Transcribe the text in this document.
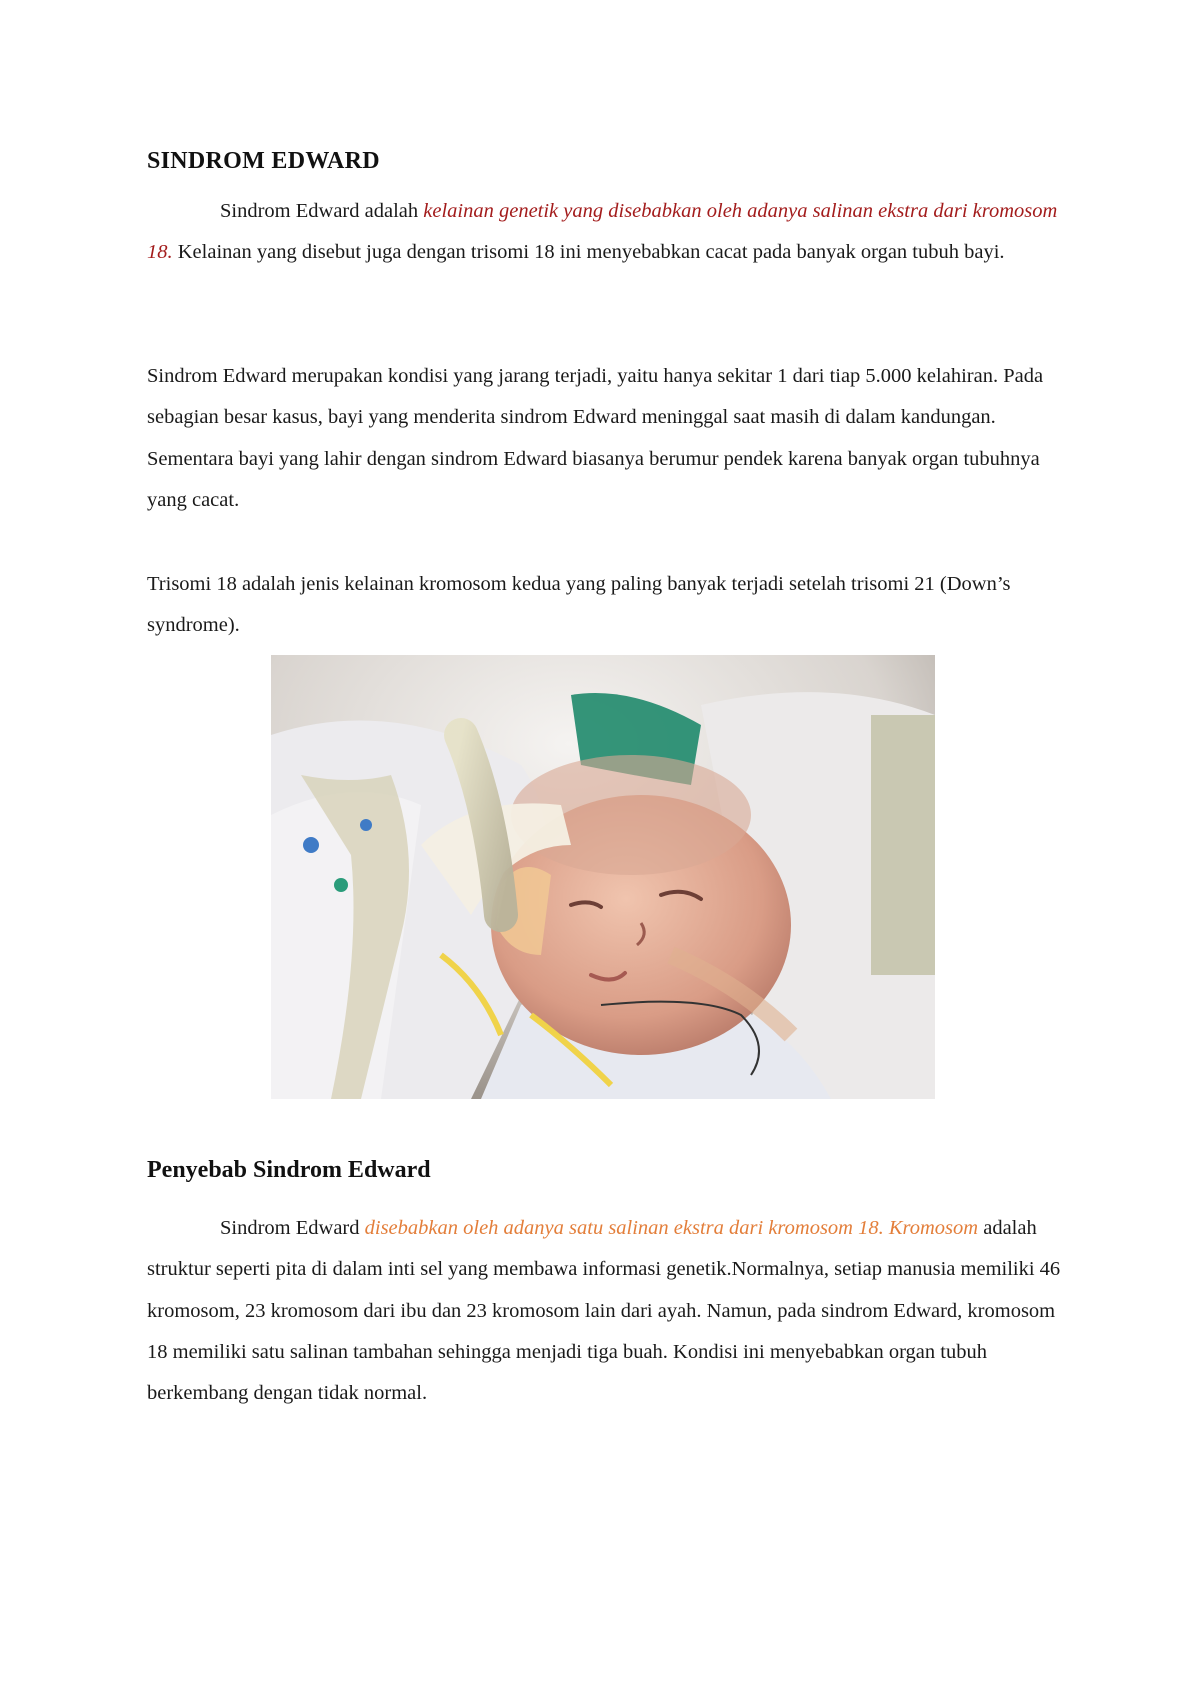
SINDROM EDWARD

Sindrom Edward adalah kelainan genetik yang disebabkan oleh adanya salinan ekstra dari kromosom 18. Kelainan yang disebut juga dengan trisomi 18 ini menyebabkan cacat pada banyak organ tubuh bayi.

Sindrom Edward merupakan kondisi yang jarang terjadi, yaitu hanya sekitar 1 dari tiap 5.000 kelahiran. Pada sebagian besar kasus, bayi yang menderita sindrom Edward meninggal saat masih di dalam kandungan. Sementara bayi yang lahir dengan sindrom Edward biasanya berumur pendek karena banyak organ tubuhnya yang cacat.

Trisomi 18 adalah jenis kelainan kromosom kedua yang paling banyak terjadi setelah trisomi 21 (Down’s syndrome).

Penyebab Sindrom Edward

Sindrom Edward disebabkan oleh adanya satu salinan ekstra dari kromosom 18. Kromosom adalah struktur seperti pita di dalam inti sel yang membawa informasi genetik.Normalnya, setiap manusia memiliki 46 kromosom, 23 kromosom dari ibu dan 23 kromosom lain dari ayah. Namun, pada sindrom Edward, kromosom 18 memiliki satu salinan tambahan sehingga menjadi tiga buah. Kondisi ini menyebabkan organ tubuh berkembang dengan tidak normal.
